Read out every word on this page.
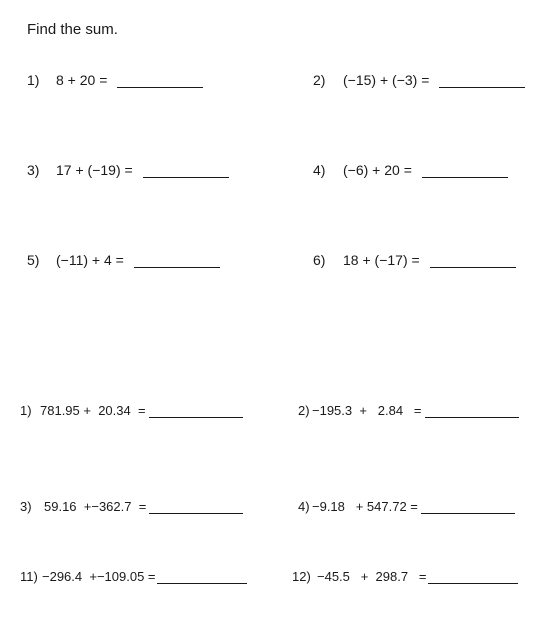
Find the sum.
1)	8 + 20 =	2)	(−15) + (−3) =
3)	17 + (−19) =	4)	(−6) + 20 =
5)	(−11) + 4 =	6)	18 + (−17) =
1) 781.95 +  20.34  =	2) −195.3  +   2.84   =
3) 59.16  +−362.7  =	4) −9.18   + 547.72 =
11) −296.4  +−109.05 =	12) −45.5   +  298.7   =
